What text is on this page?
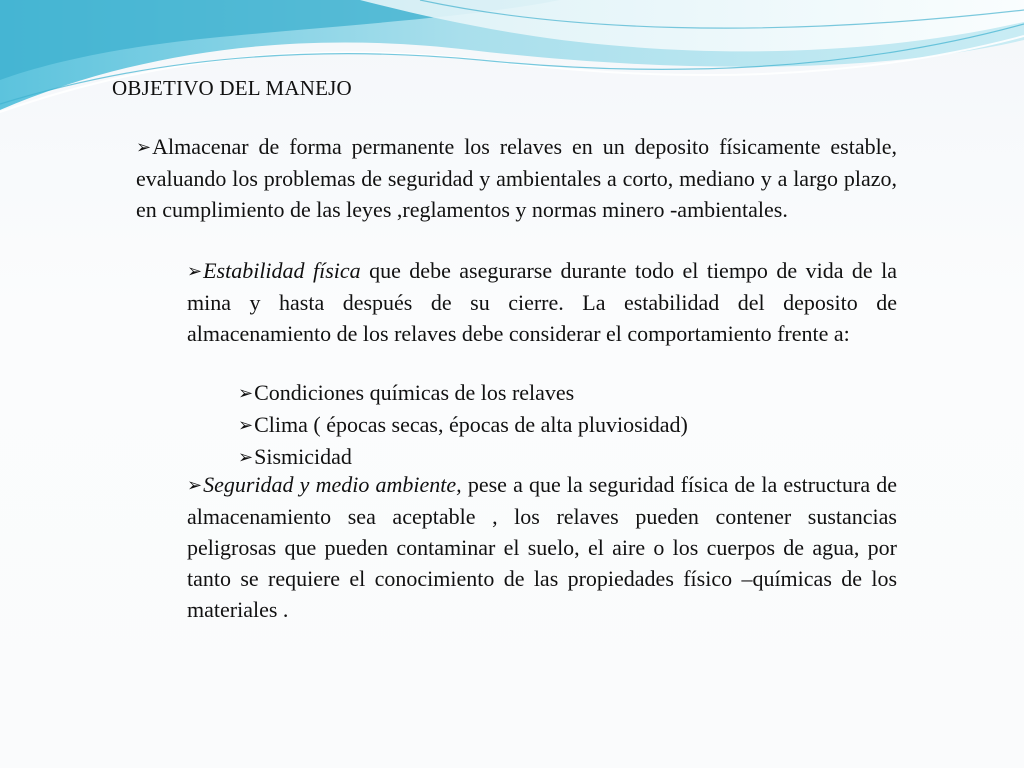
OBJETIVO DEL MANEJO

➢Almacenar de forma permanente los relaves en un deposito físicamente estable, evaluando los problemas de seguridad y ambientales a corto, mediano y a largo plazo, en cumplimiento de las leyes ,reglamentos y normas minero -ambientales.

➢Estabilidad física que debe asegurarse durante todo el tiempo de vida de la mina y hasta después de su cierre. La estabilidad del deposito de almacenamiento de los relaves debe considerar el comportamiento frente a:

➢Condiciones químicas de los relaves
➢Clima ( épocas secas, épocas de alta pluviosidad)
➢Sismicidad

➢Seguridad y medio ambiente, pese a que la seguridad física de la estructura de almacenamiento sea aceptable , los relaves pueden contener sustancias peligrosas que pueden contaminar el suelo, el aire o los cuerpos de agua, por tanto se requiere el conocimiento de las propiedades físico –químicas de los materiales .
